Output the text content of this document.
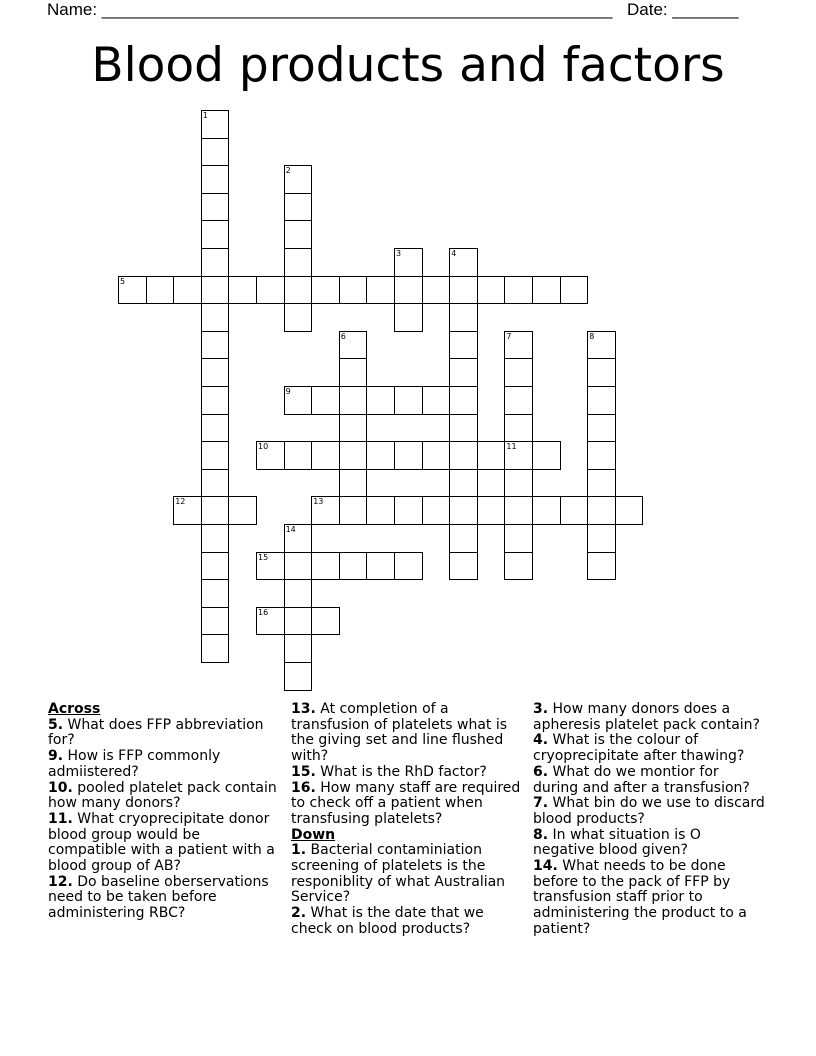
Name: ______________________________________________________ Date: _______
Blood products and factors
1
2
3	4
5
6	7	8
9
10	11
12	13
14
15
16

Across

5. What does FFP abbreviation for?

9. How is FFP commonly admiistered?

10. pooled platelet pack contain how many donors?

11. What cryoprecipitate donor blood group would be compatible with a patient with a blood group of AB?

12. Do baseline oberservations need to be taken before administering RBC?

13. At completion of a transfusion of platelets what is the giving set and line flushed with?

15. What is the RhD factor?

16. How many staff are required to check off a patient when transfusing platelets?

Down

1. Bacterial contaminiation screening of platelets is the responiblity of what Australian Service?

2. What is the date that we check on blood products?

3. How many donors does a apheresis platelet pack contain?

4. What is the colour of cryoprecipitate after thawing?

6. What do we montior for during and after a transfusion?

7. What bin do we use to discard blood products?

8. In what situation is O negative blood given?

14. What needs to be done before to the pack of FFP by transfusion staff prior to administering the product to a patient?
